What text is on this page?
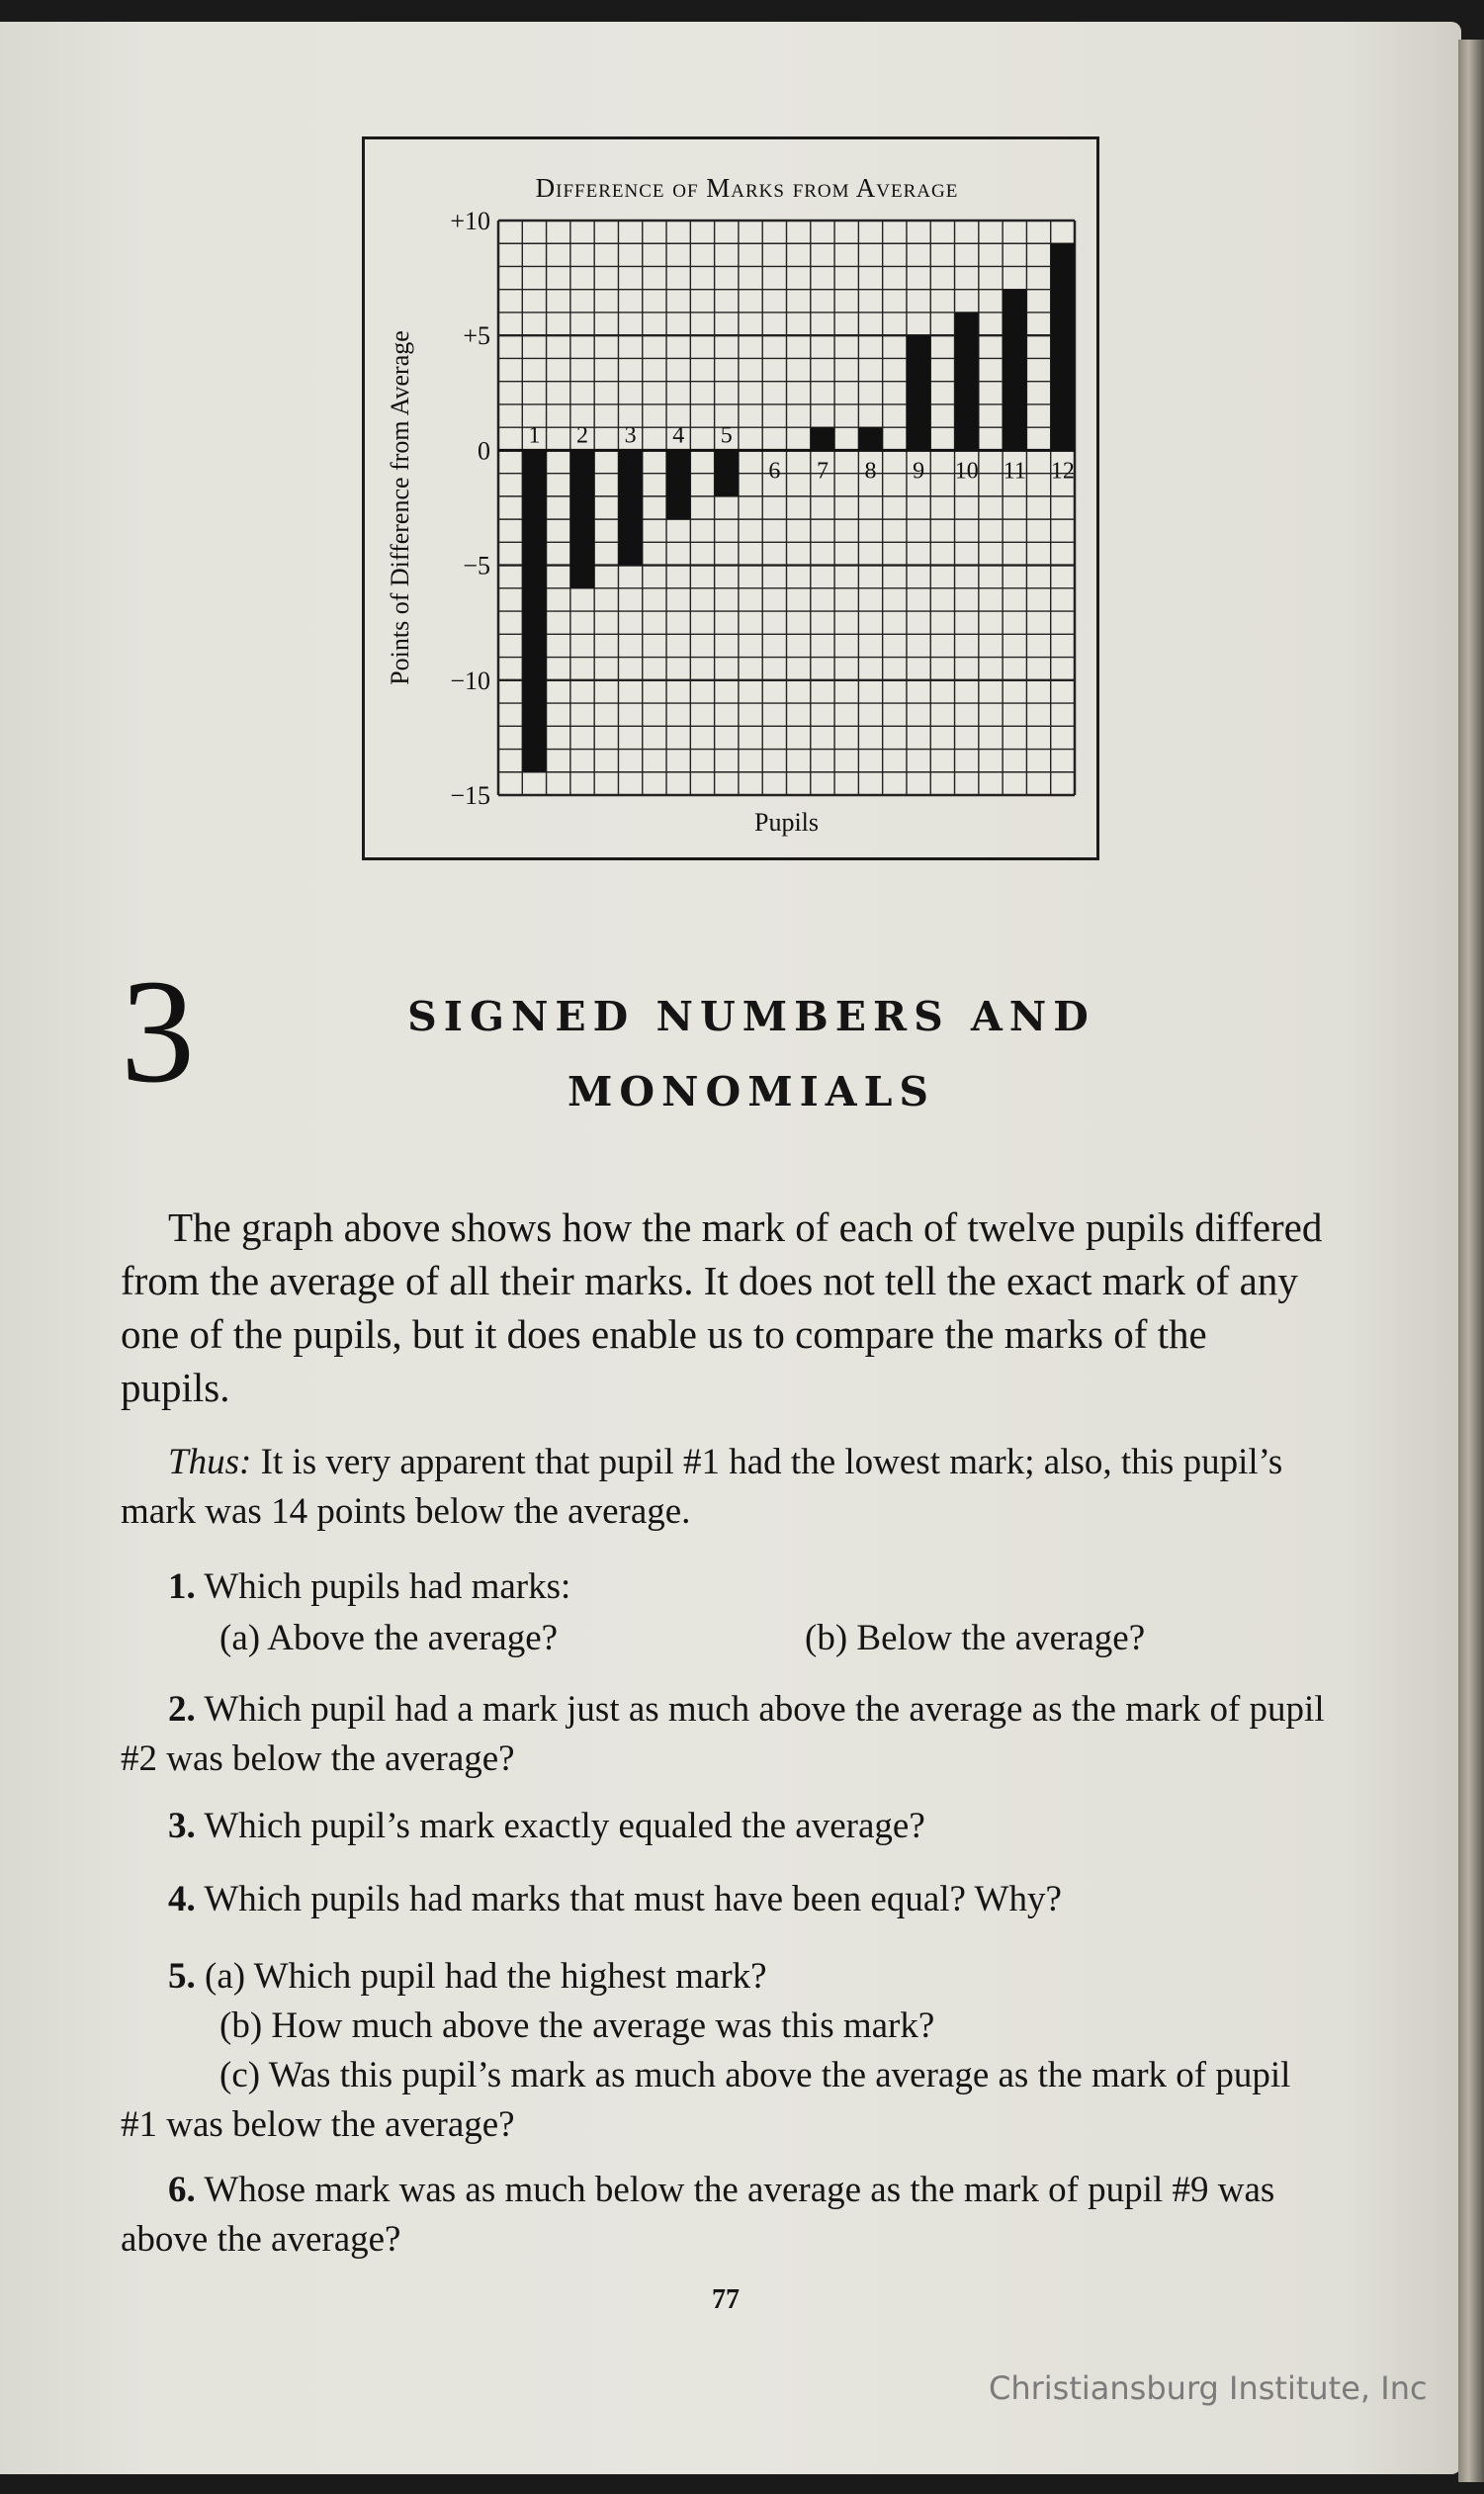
1 2 3 4 5
6 7 8 9 10 11 12
+10
+5
0
−5
−10
−15
Difference of Marks from Average
Points of Difference from Average
Pupils
3	SIGNED NUMBERS AND
MONOMIALS
The graph above shows how the mark of each of twelve pupils differed from the average of all their marks. It does not tell the exact mark of any one of the pupils, but it does enable us to compare the marks of the pupils.
Thus: It is very apparent that pupil #1 had the lowest mark; also, this pupil’s mark was 14 points below the average.
1. Which pupils had marks:
(a) Above the average?	(b) Below the average?
2. Which pupil had a mark just as much above the average as the mark of pupil #2 was below the average?
3. Which pupil’s mark exactly equaled the average?
4. Which pupils had marks that must have been equal? Why?
5. (a) Which pupil had the highest mark?
(b) How much above the average was this mark?
(c) Was this pupil’s mark as much above the average as the mark of pupil #1 was below the average?
6. Whose mark was as much below the average as the mark of pupil #9 was above the average?
77
Christiansburg Institute, Inc
